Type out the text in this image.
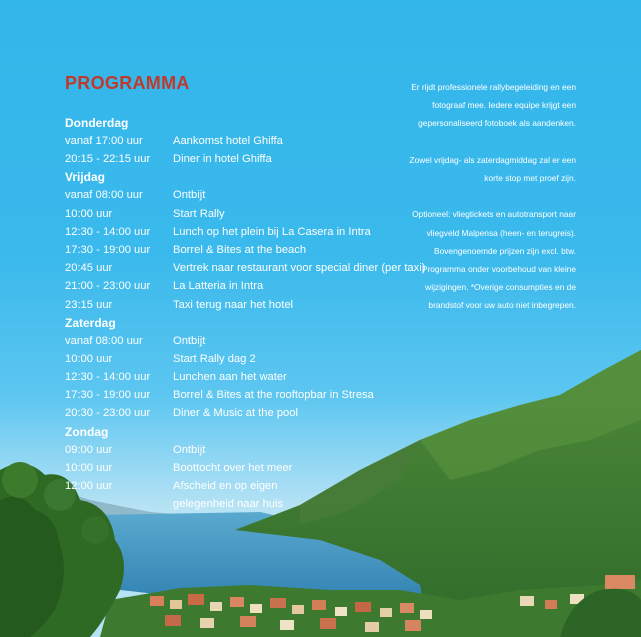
PROGRAMMA
Donderdag
vanaf 17:00 uur	Aankomst hotel Ghiffa
20:15 - 22:15 uur	Diner in hotel Ghiffa
Vrijdag
vanaf 08:00 uur	Ontbijt
10:00 uur	Start Rally
12:30 - 14:00 uur	Lunch op het plein bij La Casera in Intra
17:30 - 19:00 uur	Borrel & Bites at the beach
20:45 uur	Vertrek naar restaurant voor special diner (per taxi)
21:00 - 23:00 uur	La Latteria in Intra
23:15 uur	Taxi terug naar het hotel
Zaterdag
vanaf 08:00 uur	Ontbijt
10:00 uur	Start Rally dag 2
12:30 - 14:00 uur	Lunchen aan het water
17:30 - 19:00 uur	Borrel & Bites at the rooftopbar in Stresa
20:30 - 23:00 uur	Diner & Music at the pool
Zondag
09:00 uur	Ontbijt
10:00 uur	Boottocht over het meer
12:00 uur	Afscheid en op eigen gelegenheid naar huis

Er rijdt professionele rallybegeleiding en een fotograaf mee. Iedere equipe krijgt een gepersonaliseerd fotoboek als aandenken.

Zowel vrijdag- als zaterdagmiddag zal er een korte stop met proef zijn.

Optioneel: vliegtickets en autotransport naar vliegveld Malpensa (heen- en terugreis). Bovengenoemde prijzen zijn excl. btw. Programma onder voorbehoud van kleine wijzigingen. *Overige consumpties en de brandstof voor uw auto niet inbegrepen.
